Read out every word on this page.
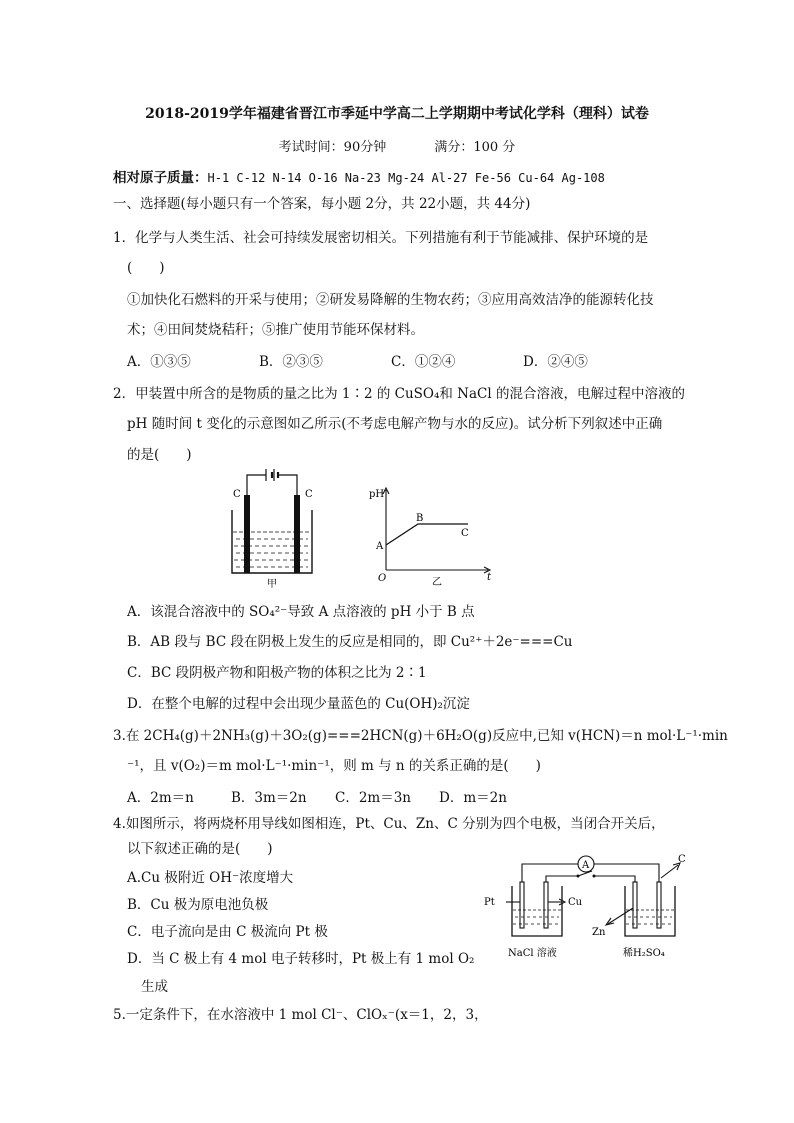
2018-2019学年福建省晋江市季延中学高二上学期期中考试化学科（理科）试卷
考试时间：90分钟	满分：100 分
相对原子质量：H-1 C-12 N-14 O-16 Na-23 Mg-24 Al-27 Fe-56 Cu-64 Ag-108
一、选择题(每小题只有一个答案，每小题 2分，共 22小题，共 44分)
1．化学与人类生活、社会可持续发展密切相关。下列措施有利于节能减排、保护环境的是
(　　)
①加快化石燃料的开采与使用；②研发易降解的生物农药；③应用高效洁净的能源转化技
术；④田间焚烧秸秆；⑤推广使用节能环保材料。
A．①③⑤	B．②③⑤	C．①②④	D．②④⑤
2．甲装置中所含的是物质的量之比为 1∶2 的 CuSO₄和 NaCl 的混合溶液，电解过程中溶液的
pH 随时间 t 变化的示意图如乙所示(不考虑电解产物与水的反应)。试分析下列叙述中正确
的是(　　)
C	C
甲
pH
t
O
A
B
C
乙
A．该混合溶液中的 SO₄²⁻导致 A 点溶液的 pH 小于 B 点
B．AB 段与 BC 段在阴极上发生的反应是相同的，即 Cu²⁺＋2e⁻===Cu
C．BC 段阴极产物和阳极产物的体积之比为 2∶1
D．在整个电解的过程中会出现少量蓝色的 Cu(OH)₂沉淀
3.在 2CH₄(g)＋2NH₃(g)＋3O₂(g)===2HCN(g)＋6H₂O(g)反应中,已知 v(HCN)＝n mol·L⁻¹·min
⁻¹，且 v(O₂)＝m mol·L⁻¹·min⁻¹，则 m 与 n 的关系正确的是(　　)
A．2m＝n	B．3m＝2n C．2m＝3n D．m＝2n
4.如图所示，将两烧杯用导线如图相连，Pt、Cu、Zn、C 分别为四个电极，当闭合开关后，
以下叙述正确的是(　　)
A.Cu 极附近 OH⁻浓度增大
B．Cu 极为原电池负极
C．电子流向是由 C 极流向 Pt 极
D．当 C 极上有 4 mol 电子转移时，Pt 极上有 1 mol O₂
生成
A
Pt	Cu
Zn
C
NaCl 溶液	稀H₂SO₄
5.一定条件下，在水溶液中 1 mol Cl⁻、ClOₓ⁻(x＝1，2，3，
